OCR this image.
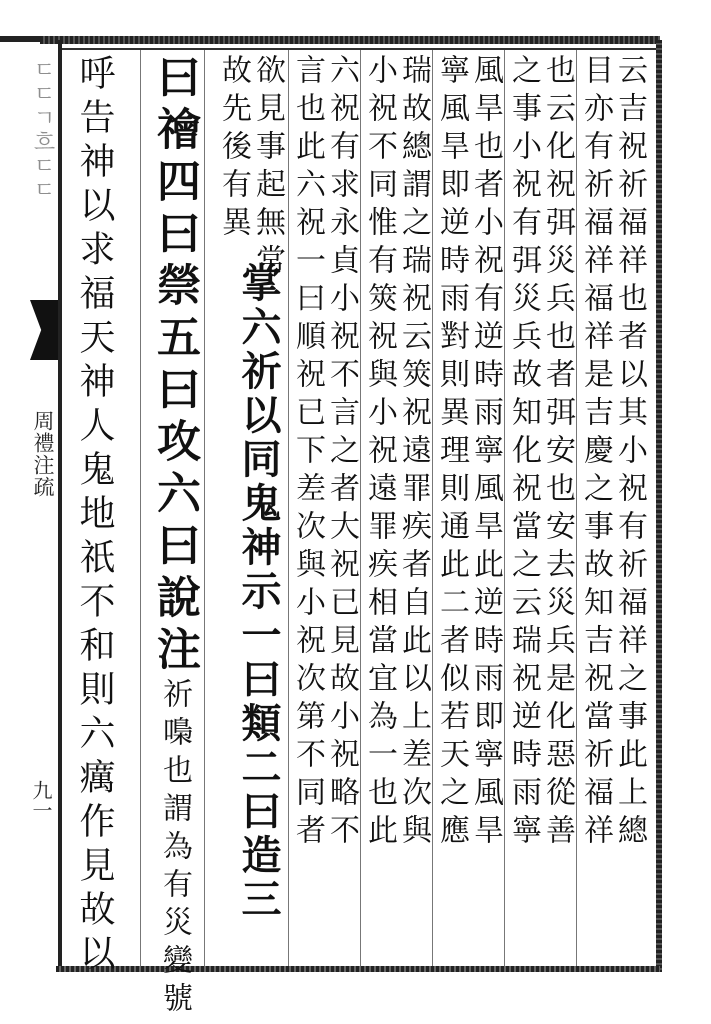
ㄷㄷㄱ흐ㄷㄷ
周禮注疏
九一	云吉祝祈福祥也者以其小祝有祈福祥之事此上總
目亦有祈福祥福祥是吉慶之事故知吉祝當祈福祥
也云化祝弭災兵也者弭安也安去災兵是化惡從善
之事小祝有弭災兵故知化祝當之云瑞祝逆時雨寧
風旱也者小祝有逆時雨寧風旱此逆時雨即寧風旱
寧風旱即逆時雨對則異理則通此二者似若天之應
瑞故總謂之瑞祝云筴祝遠罪疾者自此以上差次與
小祝不同惟有筴祝與小祝遠罪疾相當宜為一也此
六祝有求永貞小祝不言之者大祝已見故小祝略不
言也此六祝一曰順祝已下差次與小祝次第不同者
欲見事起無常
掌六祈以同鬼神示一曰類二曰造三
故先後有異
曰禬四曰禜五曰攻六曰說注祈嘄也謂為有災變號
呼告神以求福天神人鬼地祇不和則六癘作見故以
